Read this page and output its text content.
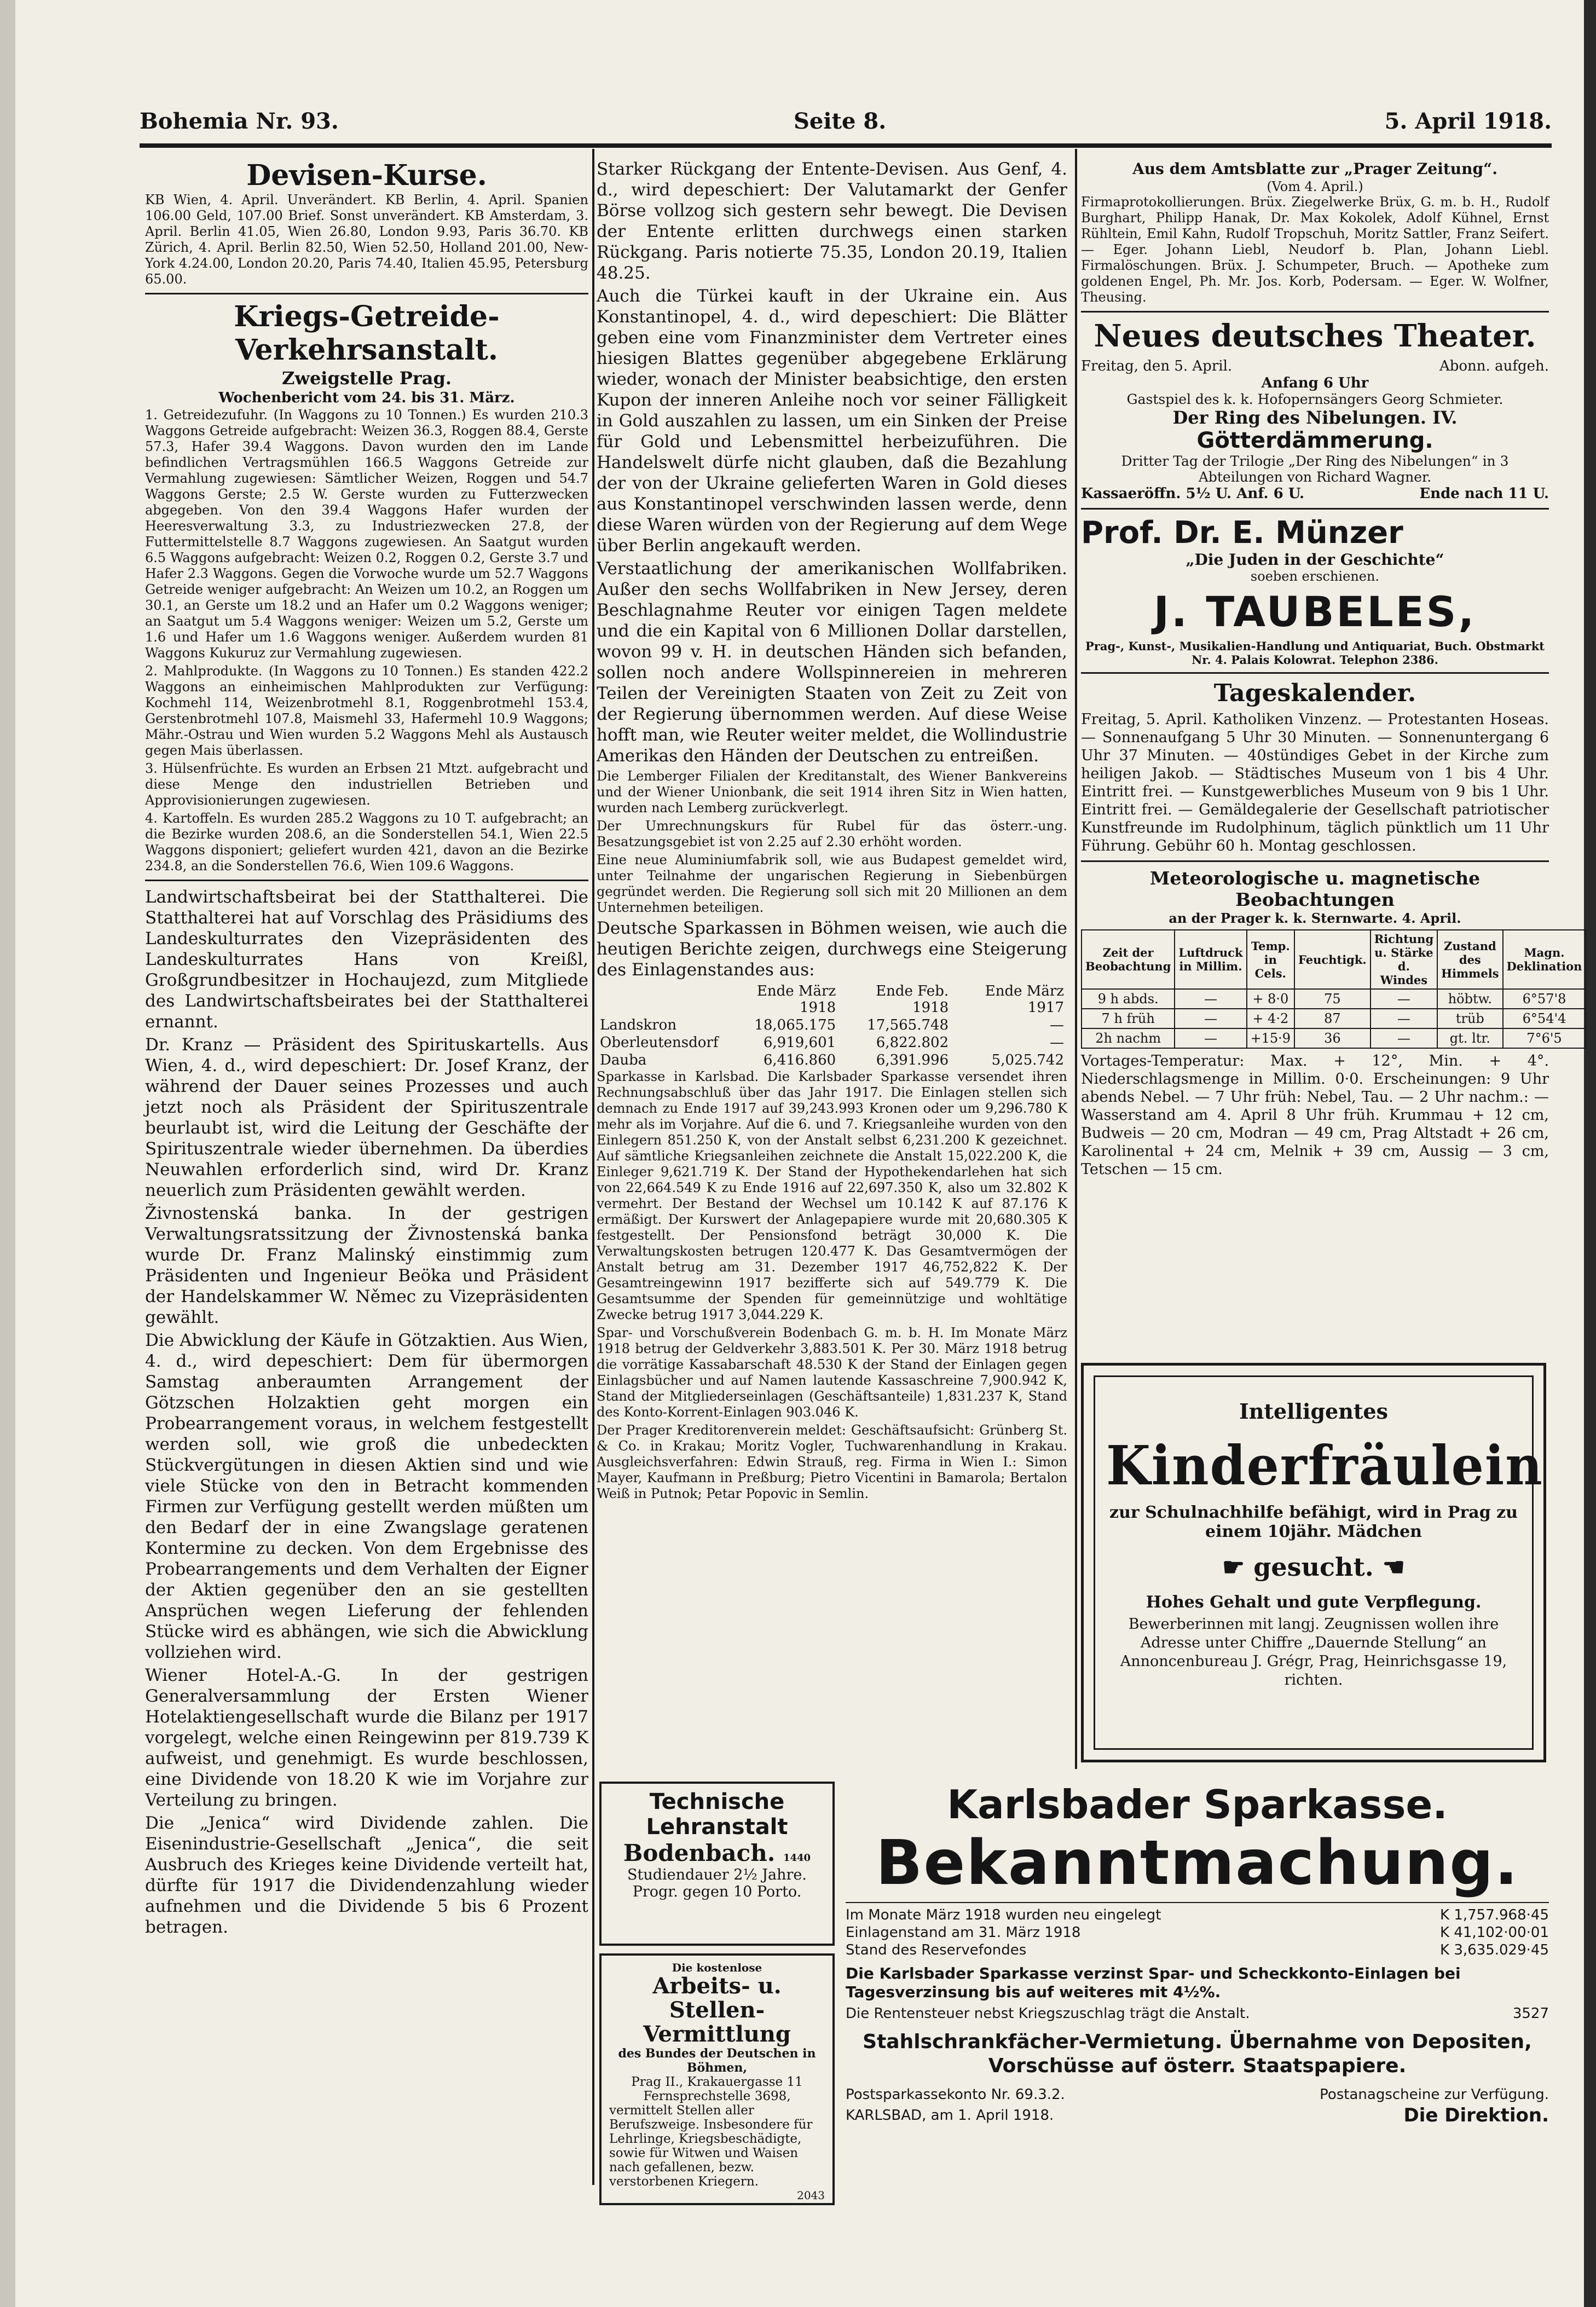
Bohemia Nr. 93.	Seite 8.	5. April 1918.
Devisen-Kurse.

KB Wien, 4. April. Unverändert. KB Berlin, 4. April. Spanien 106.00 Geld, 107.00 Brief. Sonst unverändert. KB Amsterdam, 3. April. Berlin 41.05, Wien 26.80, London 9.93, Paris 36.70. KB Zürich, 4. April. Berlin 82.50, Wien 52.50, Holland 201.00, New-York 4.24.00, London 20.20, Paris 74.40, Italien 45.95, Petersburg 65.00.

Kriegs-Getreide-Verkehrsanstalt.
Zweigstelle Prag.
Wochenbericht vom 24. bis 31. März.

1. Getreidezufuhr. (In Waggons zu 10 Tonnen.) Es wurden 210.3 Waggons Getreide aufgebracht: Weizen 36.3, Roggen 88.4, Gerste 57.3, Hafer 39.4 Waggons. Davon wurden den im Lande befindlichen Vertragsmühlen 166.5 Waggons Getreide zur Vermahlung zugewiesen: Sämtlicher Weizen, Roggen und 54.7 Waggons Gerste; 2.5 W. Gerste wurden zu Futterzwecken abgegeben. Von den 39.4 Waggons Hafer wurden der Heeresverwaltung 3.3, zu Industriezwecken 27.8, der Futtermittelstelle 8.7 Waggons zugewiesen. An Saatgut wurden 6.5 Waggons aufgebracht: Weizen 0.2, Roggen 0.2, Gerste 3.7 und Hafer 2.3 Waggons. Gegen die Vorwoche wurde um 52.7 Waggons Getreide weniger aufgebracht: An Weizen um 10.2, an Roggen um 30.1, an Gerste um 18.2 und an Hafer um 0.2 Waggons weniger; an Saatgut um 5.4 Waggons weniger: Weizen um 5.2, Gerste um 1.6 und Hafer um 1.6 Waggons weniger. Außerdem wurden 81 Waggons Kukuruz zur Vermahlung zugewiesen.

2. Mahlprodukte. (In Waggons zu 10 Tonnen.) Es standen 422.2 Waggons an einheimischen Mahlprodukten zur Verfügung: Kochmehl 114, Weizenbrotmehl 8.1, Roggenbrotmehl 153.4, Gerstenbrotmehl 107.8, Maismehl 33, Hafermehl 10.9 Waggons; Mähr.-Ostrau und Wien wurden 5.2 Waggons Mehl als Austausch gegen Mais überlassen.

3. Hülsenfrüchte. Es wurden an Erbsen 21 Mtzt. aufgebracht und diese Menge den industriellen Betrieben und Approvisionierungen zugewiesen.

4. Kartoffeln. Es wurden 285.2 Waggons zu 10 T. aufgebracht; an die Bezirke wurden 208.6, an die Sonderstellen 54.1, Wien 22.5 Waggons disponiert; geliefert wurden 421, davon an die Bezirke 234.8, an die Sonderstellen 76.6, Wien 109.6 Waggons.

Landwirtschaftsbeirat bei der Statthalterei. Die Statthalterei hat auf Vorschlag des Präsidiums des Landeskulturrates den Vizepräsidenten des Landeskulturrates Hans von Kreißl, Großgrundbesitzer in Hochaujezd, zum Mitgliede des Landwirtschaftsbeirates bei der Statthalterei ernannt.

Dr. Kranz — Präsident des Spirituskartells. Aus Wien, 4. d., wird depeschiert: Dr. Josef Kranz, der während der Dauer seines Prozesses und auch jetzt noch als Präsident der Spirituszentrale beurlaubt ist, wird die Leitung der Geschäfte der Spirituszentrale wieder übernehmen. Da überdies Neuwahlen erforderlich sind, wird Dr. Kranz neuerlich zum Präsidenten gewählt werden.

Živnostenská banka. In der gestrigen Verwaltungsratssitzung der Živnostenská banka wurde Dr. Franz Malinský einstimmig zum Präsidenten und Ingenieur Beöka und Präsident der Handelskammer W. Němec zu Vizepräsidenten gewählt.

Die Abwicklung der Käufe in Götzaktien. Aus Wien, 4. d., wird depeschiert: Dem für übermorgen Samstag anberaumten Arrangement der Götzschen Holzaktien geht morgen ein Probearrangement voraus, in welchem festgestellt werden soll, wie groß die unbedeckten Stückvergütungen in diesen Aktien sind und wie viele Stücke von den in Betracht kommenden Firmen zur Verfügung gestellt werden müßten um den Bedarf der in eine Zwangslage geratenen Kontermine zu decken. Von dem Ergebnisse des Probearrangements und dem Verhalten der Eigner der Aktien gegenüber den an sie gestellten Ansprüchen wegen Lieferung der fehlenden Stücke wird es abhängen, wie sich die Abwicklung vollziehen wird.

Wiener Hotel-A.-G. In der gestrigen Generalversammlung der Ersten Wiener Hotelaktiengesellschaft wurde die Bilanz per 1917 vorgelegt, welche einen Reingewinn per 819.739 K aufweist, und genehmigt. Es wurde beschlossen, eine Dividende von 18.20 K wie im Vorjahre zur Verteilung zu bringen.

Die „Jenica“ wird Dividende zahlen. Die Eisenindustrie-Gesellschaft „Jenica“, die seit Ausbruch des Krieges keine Dividende verteilt hat, dürfte für 1917 die Dividendenzahlung wieder aufnehmen und die Dividende 5 bis 6 Prozent betragen.

Starker Rückgang der Entente-Devisen. Aus Genf, 4. d., wird depeschiert: Der Valutamarkt der Genfer Börse vollzog sich gestern sehr bewegt. Die Devisen der Entente erlitten durchwegs einen starken Rückgang. Paris notierte 75.35, London 20.19, Italien 48.25.

Auch die Türkei kauft in der Ukraine ein. Aus Konstantinopel, 4. d., wird depeschiert: Die Blätter geben eine vom Finanzminister dem Vertreter eines hiesigen Blattes gegenüber abgegebene Erklärung wieder, wonach der Minister beabsichtige, den ersten Kupon der inneren Anleihe noch vor seiner Fälligkeit in Gold auszahlen zu lassen, um ein Sinken der Preise für Gold und Lebensmittel herbeizuführen. Die Handelswelt dürfe nicht glauben, daß die Bezahlung der von der Ukraine gelieferten Waren in Gold dieses aus Konstantinopel verschwinden lassen werde, denn diese Waren würden von der Regierung auf dem Wege über Berlin angekauft werden.

Verstaatlichung der amerikanischen Wollfabriken. Außer den sechs Wollfabriken in New Jersey, deren Beschlagnahme Reuter vor einigen Tagen meldete und die ein Kapital von 6 Millionen Dollar darstellen, wovon 99 v. H. in deutschen Händen sich befanden, sollen noch andere Wollspinnereien in mehreren Teilen der Vereinigten Staaten von Zeit zu Zeit von der Regierung übernommen werden. Auf diese Weise hofft man, wie Reuter weiter meldet, die Wollindustrie Amerikas den Händen der Deutschen zu entreißen.

Die Lemberger Filialen der Kreditanstalt, des Wiener Bankvereins und der Wiener Unionbank, die seit 1914 ihren Sitz in Wien hatten, wurden nach Lemberg zurückverlegt.

Der Umrechnungskurs für Rubel für das österr.-ung. Besatzungsgebiet ist von 2.25 auf 2.30 erhöht worden.

Eine neue Aluminiumfabrik soll, wie aus Budapest gemeldet wird, unter Teilnahme der ungarischen Regierung in Siebenbürgen gegründet werden. Die Regierung soll sich mit 20 Millionen an dem Unternehmen beteiligen.

Deutsche Sparkassen in Böhmen weisen, wie auch die heutigen Berichte zeigen, durchwegs eine Steigerung des Einlagenstandes aus:

	Ende März 1918	Ende Feb. 1918	Ende März 1917
Landskron	18,065.175	17,565.748	—
Oberleutensdorf	6,919,601	6,822.802	—
Dauba	6,416.860	6,391.996	5,025.742

Sparkasse in Karlsbad. Die Karlsbader Sparkasse versendet ihren Rechnungsabschluß über das Jahr 1917. Die Einlagen stellen sich demnach zu Ende 1917 auf 39,243.993 Kronen oder um 9,296.780 K mehr als im Vorjahre. Auf die 6. und 7. Kriegsanleihe wurden von den Einlegern 851.250 K, von der Anstalt selbst 6,231.200 K gezeichnet. Auf sämtliche Kriegsanleihen zeichnete die Anstalt 15,022.200 K, die Einleger 9,621.719 K. Der Stand der Hypothekendarlehen hat sich von 22,664.549 K zu Ende 1916 auf 22,697.350 K, also um 32.802 K vermehrt. Der Bestand der Wechsel um 10.142 K auf 87.176 K ermäßigt. Der Kurswert der Anlagepapiere wurde mit 20,680.305 K festgestellt. Der Pensionsfond beträgt 30,000 K. Die Verwaltungskosten betrugen 120.477 K. Das Gesamtvermögen der Anstalt betrug am 31. Dezember 1917 46,752,822 K. Der Gesamtreingewinn 1917 bezifferte sich auf 549.779 K. Die Gesamtsumme der Spenden für gemeinnützige und wohltätige Zwecke betrug 1917 3,044.229 K.

Spar- und Vorschußverein Bodenbach G. m. b. H. Im Monate März 1918 betrug der Geldverkehr 3,883.501 K. Per 30. März 1918 betrug die vorrätige Kassabarschaft 48.530 K der Stand der Einlagen gegen Einlagsbücher und auf Namen lautende Kassaschreine 7,900.942 K, Stand der Mitgliederseinlagen (Geschäftsanteile) 1,831.237 K, Stand des Konto-Korrent-Einlagen 903.046 K.

Der Prager Kreditorenverein meldet: Geschäftsaufsicht: Grünberg St. & Co. in Krakau; Moritz Vogler, Tuchwarenhandlung in Krakau. Ausgleichsverfahren: Edwin Strauß, reg. Firma in Wien I.: Simon Mayer, Kaufmann in Preßburg; Pietro Vicentini in Bamarola; Bertalon Weiß in Putnok; Petar Popovic in Semlin.

Aus dem Amtsblatte zur „Prager Zeitung“.
(Vom 4. April.)

Firmaprotokollierungen. Brüx. Ziegelwerke Brüx, G. m. b. H., Rudolf Burghart, Philipp Hanak, Dr. Max Kokolek, Adolf Kühnel, Ernst Rühltein, Emil Kahn, Rudolf Tropschuh, Moritz Sattler, Franz Seifert. — Eger. Johann Liebl, Neudorf b. Plan, Johann Liebl. Firmalöschungen. Brüx. J. Schumpeter, Bruch. — Apotheke zum goldenen Engel, Ph. Mr. Jos. Korb, Podersam. — Eger. W. Wolfner, Theusing.

Neues deutsches Theater.
Freitag, den 5. April.	Abonn. aufgeh.
Anfang 6 Uhr
Gastspiel des k. k. Hofopernsängers Georg Schmieter.
Der Ring des Nibelungen. IV.
Götterdämmerung.
Dritter Tag der Trilogie „Der Ring des Nibelungen“ in 3 Abteilungen von Richard Wagner.
Kassaeröffn. 5½ U. Anf. 6 U.	Ende nach 11 U.
Prof. Dr. E. Münzer
„Die Juden in der Geschichte“
soeben erschienen.
J. TAUBELES,
Prag-, Kunst-, Musikalien-Handlung und Antiquariat, Buch. Obstmarkt Nr. 4. Palais Kolowrat. Telephon 2386.
Tageskalender.

Freitag, 5. April. Katholiken Vinzenz. — Protestanten Hoseas. — Sonnenaufgang 5 Uhr 30 Minuten. — Sonnenuntergang 6 Uhr 37 Minuten. — 40stündiges Gebet in der Kirche zum heiligen Jakob. — Städtisches Museum von 1 bis 4 Uhr. Eintritt frei. — Kunstgewerbliches Museum von 9 bis 1 Uhr. Eintritt frei. — Gemäldegalerie der Gesellschaft patriotischer Kunstfreunde im Rudolphinum, täglich pünktlich um 11 Uhr Führung. Gebühr 60 h. Montag geschlossen.

Meteorologische u. magnetische Beobachtungen
an der Prager k. k. Sternwarte. 4. April.
Zeit der Beobachtung	Luftdruck in Millim.	Temp. in Cels.	Feuchtigk.	Richtung u. Stärke d. Windes	Zustand des Himmels	Magn. Deklination
9 h abds.	—	+ 8·0	75	—	höbtw.	6°57'8
7 h früh	—	+ 4·2	87	—	trüb	6°54'4
2h nachm	—	+15·9	36	—	gt. ltr.	7°6'5

Vortages-Temperatur: Max. + 12°, Min. + 4°. Niederschlagsmenge in Millim. 0·0. Erscheinungen: 9 Uhr abends Nebel. — 7 Uhr früh: Nebel, Tau. — 2 Uhr nachm.: — Wasserstand am 4. April 8 Uhr früh. Krummau + 12 cm, Budweis — 20 cm, Modran — 49 cm, Prag Altstadt + 26 cm, Karolinental + 24 cm, Melnik + 39 cm, Aussig — 3 cm, Tetschen — 15 cm.

Intelligentes
Kinderfräulein
zur Schulnachhilfe befähigt, wird in Prag zu einem 10jähr. Mädchen
☛ gesucht. ☚
Hohes Gehalt und gute Verpflegung.
Bewerberinnen mit langj. Zeugnissen wollen ihre Adresse unter Chiffre „Dauernde Stellung“ an Annoncenbureau J. Grégr, Prag, Heinrichsgasse 19, richten.
Technische Lehranstalt
Bodenbach. 1440
Studiendauer 2½ Jahre.
Progr. gegen 10 Porto.
Die kostenlose
Arbeits- u. Stellen-Vermittlung
des Bundes der Deutschen in Böhmen,
Prag II., Krakauergasse 11 Fernsprechstelle 3698,
vermittelt Stellen aller Berufszweige. Insbesondere für Lehrlinge, Kriegsbeschädigte, sowie für Witwen und Waisen nach gefallenen, bezw. verstorbenen Kriegern.
2043
Karlsbader Sparkasse.
Bekanntmachung.
Im Monate März 1918 wurden neu eingelegt	K 1,757.968·45
Einlagenstand am 31. März 1918	K 41,102·00·01
Stand des Reservefondes	K 3,635.029·45
Die Karlsbader Sparkasse verzinst Spar- und Scheckkonto-Einlagen bei Tagesverzinsung bis auf weiteres mit 4½%.
Die Rentensteuer nebst Kriegszuschlag trägt die Anstalt.	3527
Stahlschrankfächer-Vermietung. Übernahme von Depositen, Vorschüsse auf österr. Staatspapiere.
Postsparkassekonto Nr. 69.3.2.	Postanagscheine zur Verfügung.
KARLSBAD, am 1. April 1918.	Die Direktion.
